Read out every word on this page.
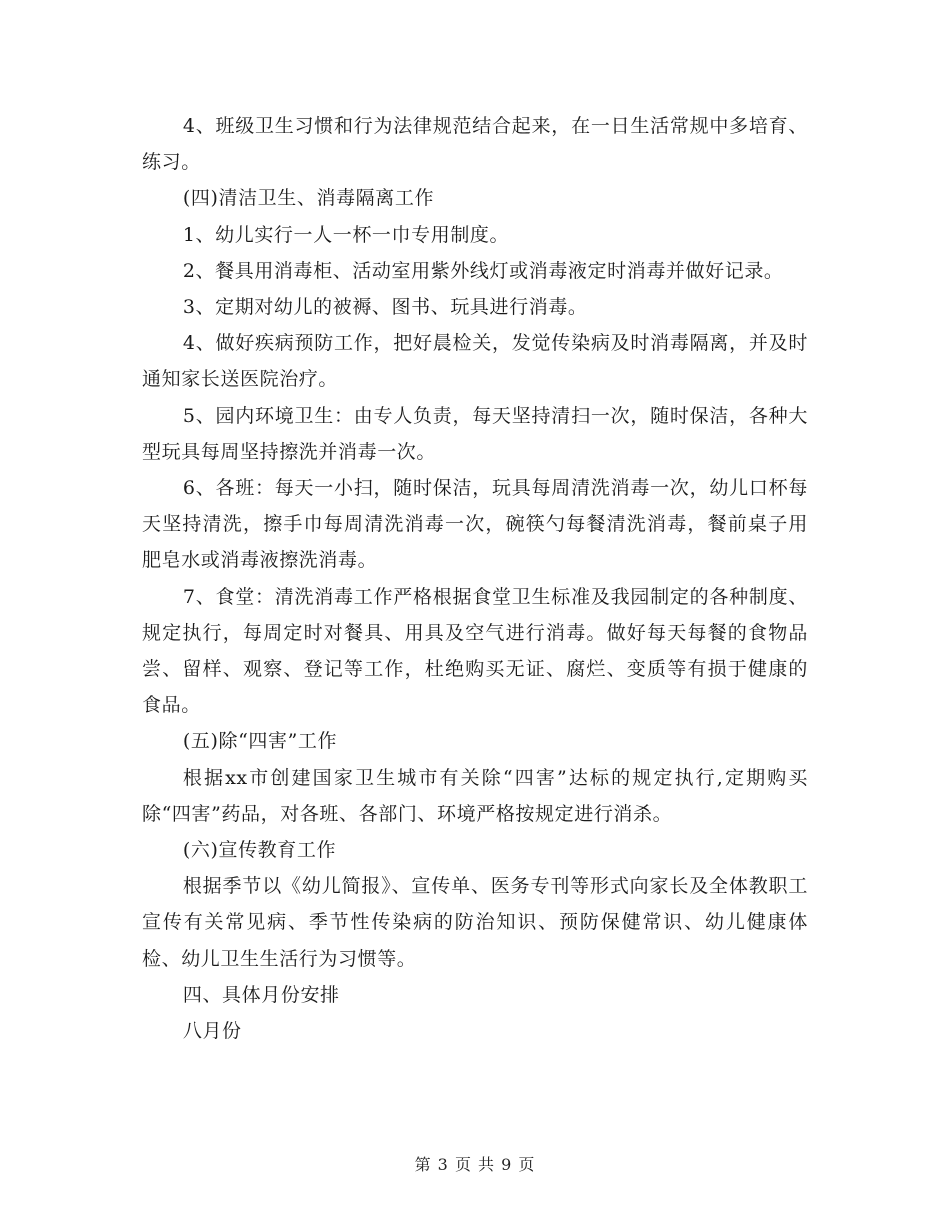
4、班级卫生习惯和行为法律规范结合起来，在一日生活常规中多培育、练习。

(四)清洁卫生、消毒隔离工作

1、幼儿实行一人一杯一巾专用制度。

2、餐具用消毒柜、活动室用紫外线灯或消毒液定时消毒并做好记录。

3、定期对幼儿的被褥、图书、玩具进行消毒。

4、做好疾病预防工作，把好晨检关，发觉传染病及时消毒隔离，并及时通知家长送医院治疗。

5、园内环境卫生：由专人负责，每天坚持清扫一次，随时保洁，各种大型玩具每周坚持擦洗并消毒一次。

6、各班：每天一小扫，随时保洁，玩具每周清洗消毒一次，幼儿口杯每天坚持清洗，擦手巾每周清洗消毒一次，碗筷勺每餐清洗消毒，餐前桌子用肥皂水或消毒液擦洗消毒。

7、食堂：清洗消毒工作严格根据食堂卫生标准及我园制定的各种制度、规定执行，每周定时对餐具、用具及空气进行消毒。做好每天每餐的食物品尝、留样、观察、登记等工作，杜绝购买无证、腐烂、变质等有损于健康的食品。

(五)除“四害”工作

根据xx市创建国家卫生城市有关除“四害”达标的规定执行,定期购买除“四害”药品，对各班、各部门、环境严格按规定进行消杀。

(六)宣传教育工作

根据季节以《幼儿简报》、宣传单、医务专刊等形式向家长及全体教职工宣传有关常见病、季节性传染病的防治知识、预防保健常识、幼儿健康体检、幼儿卫生生活行为习惯等。

四、具体月份安排

八月份

第 3 页 共 9 页
